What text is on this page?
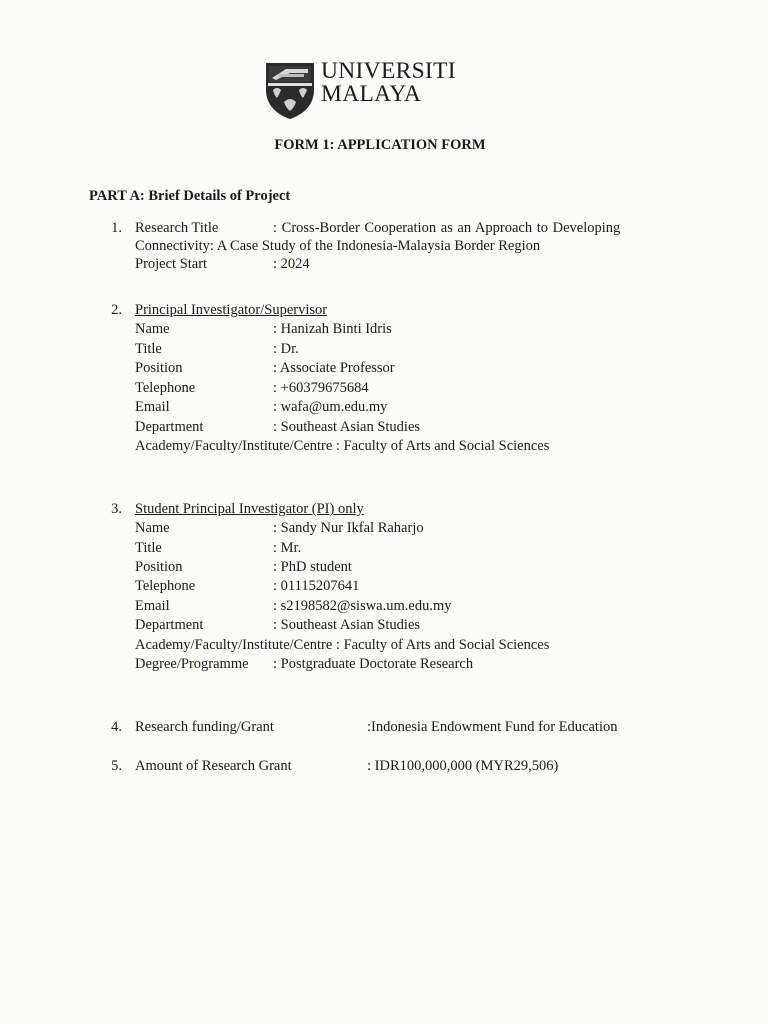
UNIVERSITI
MALAYA
FORM 1: APPLICATION FORM
PART A: Brief Details of Project
1. Research Title	: Cross-Border Cooperation as an Approach to Developing
Connectivity: A Case Study of the Indonesia-Malaysia Border Region
Project Start	: 2024
2. Principal Investigator/Supervisor
Name	: Hanizah Binti Idris
Title	: Dr.
Position	: Associate Professor
Telephone	: +60379675684
Email	: wafa@um.edu.my
Department	: Southeast Asian Studies
Academy/Faculty/Institute/Centre : Faculty of Arts and Social Sciences
3. Student Principal Investigator (PI) only
Name	: Sandy Nur Ikfal Raharjo
Title	: Mr.
Position	: PhD student
Telephone	: 01115207641
Email	: s2198582@siswa.um.edu.my
Department	: Southeast Asian Studies
Academy/Faculty/Institute/Centre : Faculty of Arts and Social Sciences
Degree/Programme : Postgraduate Doctorate Research
4. Research funding/Grant	:Indonesia Endowment Fund for Education
5. Amount of Research Grant	: IDR100,000,000 (MYR29,506)
